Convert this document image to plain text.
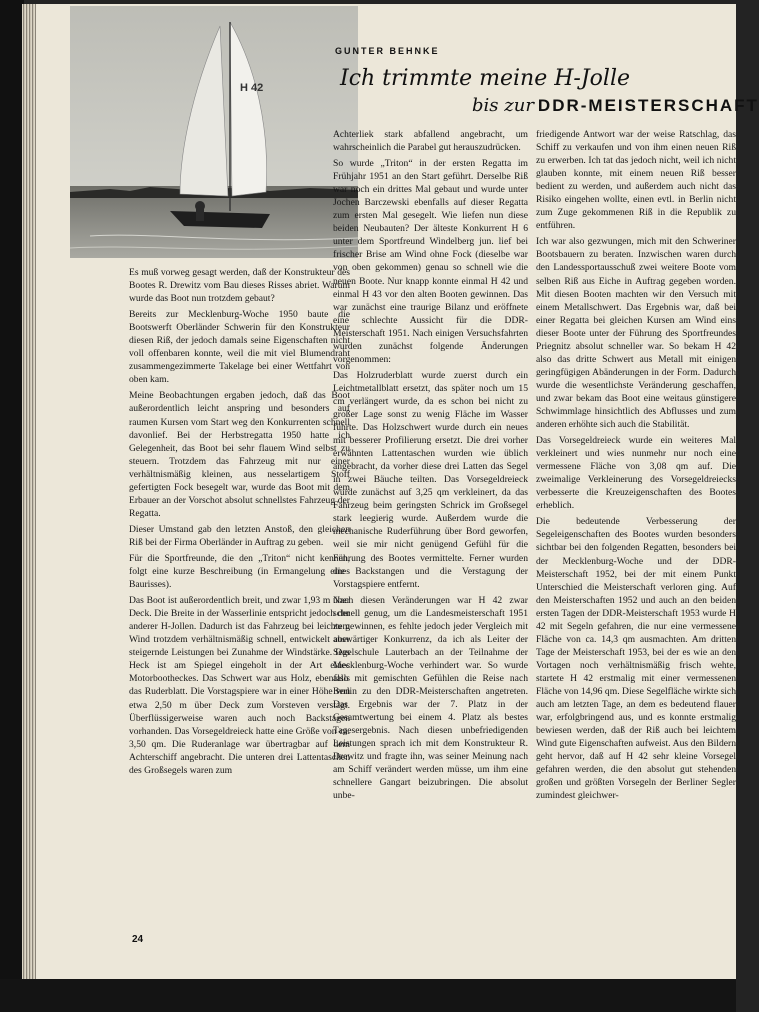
H 42
GUNTER BEHNKE
Ich trimmte meine H-Jolle
bis zur DDR-MEISTERSCHAFT

Es muß vorweg gesagt werden, daß der Konstrukteur des Bootes R. Drewitz vom Bau dieses Risses abriet. Warum wurde das Boot nun trotzdem gebaut?

Bereits zur Mecklenburg-Woche 1950 baute die Bootswerft Oberländer Schwerin für den Konstrukteur diesen Riß, der jedoch damals seine Eigenschaften nicht voll offenbaren konnte, weil die mit viel Blumendraht zusammengezimmerte Takelage bei einer Wettfahrt von oben kam.

Meine Beobachtungen ergaben jedoch, daß das Boot außerordentlich leicht anspring und besonders auf raumen Kursen vom Start weg den Konkurrenten schnell davonlief. Bei der Herbstregatta 1950 hatte ich Gelegenheit, das Boot bei sehr flauem Wind selbst zu steuern. Trotzdem das Fahrzeug mit nur einer verhältnismäßig kleinen, aus nesselartigem Stoff gefertigten Fock besegelt war, wurde das Boot mit dem Erbauer an der Vorschot absolut schnellstes Fahrzeug der Regatta.

Dieser Umstand gab den letzten Anstoß, den gleichen Riß bei der Firma Oberländer in Auftrag zu geben.

Für die Sportfreunde, die den „Triton“ nicht kennen, folgt eine kurze Beschreibung (in Ermangelung eines Baurisses).

Das Boot ist außerordentlich breit, und zwar 1,93 m über Deck. Die Breite in der Wasserlinie entspricht jedoch der anderer H-Jollen. Dadurch ist das Fahrzeug bei leichtem Wind trotzdem verhältnismäßig schnell, entwickelt aber steigernde Leistungen bei Zunahme der Windstärke. Das Heck ist am Spiegel eingeholt in der Art eines Motorbootheckes. Das Schwert war aus Holz, ebenfalls das Ruderblatt. Die Vorstagspiere war in einer Höhe von etwa 2,50 m über Deck zum Vorsteven verstagt. Überflüssigerweise waren auch noch Backstagen vorhanden. Das Vorsegeldreieck hatte eine Größe von ca. 3,50 qm. Die Ruderanlage war übertragbar auf dem Achterschiff angebracht. Die unteren drei Lattentaschen des Großsegels waren zum

Achterliek stark abfallend angebracht, um wahrscheinlich die Parabel gut herauszudrücken.

So wurde „Triton“ in der ersten Regatta im Frühjahr 1951 an den Start geführt. Derselbe Riß war noch ein drittes Mal gebaut und wurde unter Jochen Barczewski ebenfalls auf dieser Regatta zum ersten Mal gesegelt. Wie liefen nun diese beiden Neubauten? Der älteste Konkurrent H 6 unter dem Sportfreund Windelberg jun. lief bei frischer Brise am Wind ohne Fock (dieselbe war von oben gekommen) genau so schnell wie die neuen Boote. Nur knapp konnte einmal H 42 und einmal H 43 vor den alten Booten gewinnen. Das war zunächst eine traurige Bilanz und eröffnete eine schlechte Aussicht für die DDR-Meisterschaft 1951. Nach einigen Versuchsfahrten wurden zunächst folgende Änderungen vorgenommen:

Das Holzruderblatt wurde zuerst durch ein Leichtmetallblatt ersetzt, das später noch um 15 cm verlängert wurde, da es schon bei nicht zu großer Lage sonst zu wenig Fläche im Wasser führte. Das Holzschwert wurde durch ein neues mit besserer Profilierung ersetzt. Die drei vorher erwähnten Lattentaschen wurden wie üblich angebracht, da vorher diese drei Latten das Segel in zwei Bäuche teilten. Das Vorsegeldreieck wurde zunächst auf 3,25 qm verkleinert, da das Fahrzeug beim geringsten Schrick im Großsegel stark leegierig wurde. Außerdem wurde die mechanische Ruderführung über Bord geworfen, weil sie mir nicht genügend Gefühl für die Führung des Bootes vermittelte. Ferner wurden die Backstangen und die Verstagung der Vorstagspiere entfernt.

Nach diesen Veränderungen war H 42 zwar schnell genug, um die Landesmeisterschaft 1951 zu gewinnen, es fehlte jedoch jeder Vergleich mit auswärtiger Konkurrenz, da ich als Leiter der Segelschule Lauterbach an der Teilnahme der Mecklenburg-Woche verhindert war. So wurde also mit gemischten Gefühlen die Reise nach Berlin zu den DDR-Meisterschaften angetreten. Das Ergebnis war der 7. Platz in der Gesamtwertung bei einem 4. Platz als bestes Tagesergebnis. Nach diesen unbefriedigenden Leistungen sprach ich mit dem Konstrukteur R. Drewitz und fragte ihn, was seiner Meinung nach am Schiff verändert werden müsse, um ihm eine schnellere Gangart beizubringen. Die absolut unbe-

friedigende Antwort war der weise Ratschlag, das Schiff zu verkaufen und von ihm einen neuen Riß zu erwerben. Ich tat das jedoch nicht, weil ich nicht glauben konnte, mit einem neuen Riß besser bedient zu werden, und außerdem auch nicht das Risiko eingehen wollte, einen evtl. in Berlin nicht zum Zuge gekommenen Riß in die Republik zu entführen.

Ich war also gezwungen, mich mit den Schweriner Bootsbauern zu beraten. Inzwischen waren durch den Landessportausschuß zwei weitere Boote vom selben Riß aus Eiche in Auftrag gegeben worden. Mit diesen Booten machten wir den Versuch mit einem Metallschwert. Das Ergebnis war, daß bei einer Regatta bei gleichen Kursen am Wind eins dieser Boote unter der Führung des Sportfreundes Priegnitz absolut schneller war. So bekam H 42 also das dritte Schwert aus Metall mit einigen geringfügigen Abänderungen in der Form. Dadurch wurde die wesentlichste Veränderung geschaffen, und zwar bekam das Boot eine weitaus günstigere Schwimmlage hinsichtlich des Abflusses und zum anderen erhöhte sich auch die Stabilität.

Das Vorsegeldreieck wurde ein weiteres Mal verkleinert und wies nunmehr nur noch eine vermessene Fläche von 3,08 qm auf. Die zweimalige Verkleinerung des Vorsegeldreiecks verbesserte die Kreuzeigenschaften des Bootes erheblich.

Die bedeutende Verbesserung der Segeleigenschaften des Bootes wurden besonders sichtbar bei den folgenden Regatten, besonders bei der Mecklenburg-Woche und der DDR-Meisterschaft 1952, bei der mit einem Punkt Unterschied die Meisterschaft verloren ging. Auf den Meisterschaften 1952 und auch an den beiden ersten Tagen der DDR-Meisterschaft 1953 wurde H 42 mit Segeln gefahren, die nur eine vermessene Fläche von ca. 14,3 qm ausmachten. Am dritten Tage der Meisterschaft 1953, bei der es wie an den Vortagen noch verhältnismäßig frisch wehte, startete H 42 erstmalig mit einer vermessenen Fläche von 14,96 qm. Diese Segelfläche wirkte sich auch am letzten Tage, an dem es bedeutend flauer war, erfolgbringend aus, und es konnte erstmalig bewiesen werden, daß der Riß auch bei leichtem Wind gute Eigenschaften aufweist. Aus den Bildern geht hervor, daß auf H 42 sehr kleine Vorsegel gefahren werden, die den absolut gut stehenden großen und größten Vorsegeln der Berliner Segler zumindest gleichwer-

24
